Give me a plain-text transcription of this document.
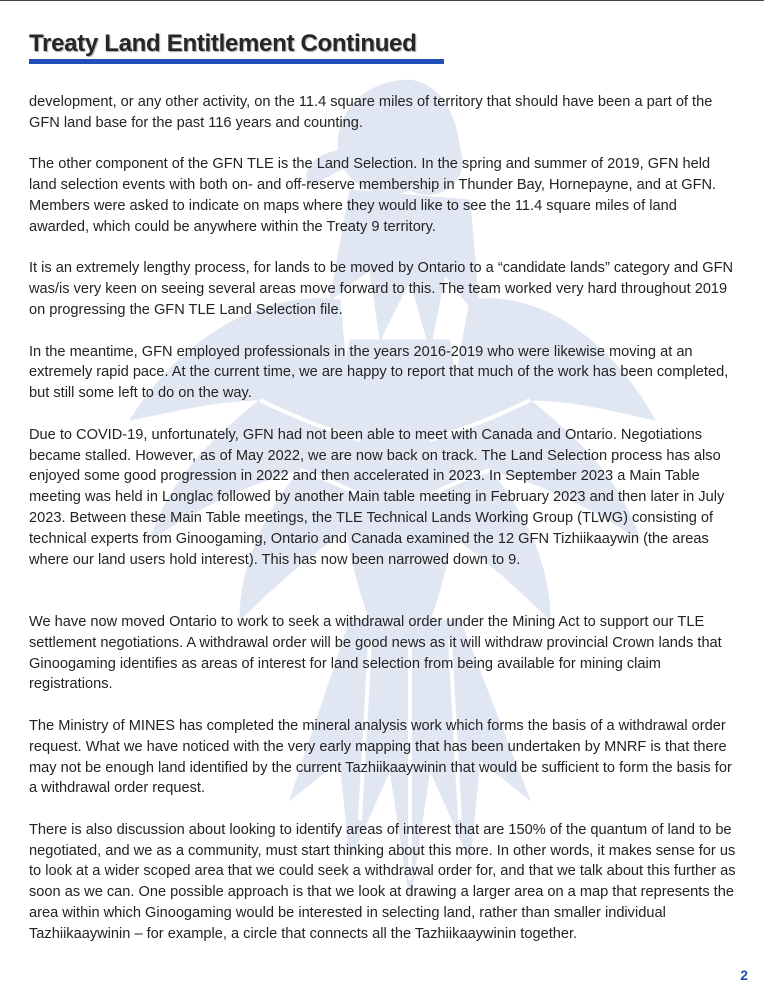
Treaty Land Entitlement Continued

development, or any other activity, on the 11.4 square miles of territory that should have been a part of the GFN land base for the past 116 years and counting.

The other component of the GFN TLE is the Land Selection. In the spring and summer of 2019, GFN held land selection events with both on- and off-reserve membership in Thunder Bay, Hornepayne, and at GFN. Members were asked to indicate on maps where they would like to see the 11.4 square miles of land awarded, which could be anywhere within the Treaty 9 territory.

It is an extremely lengthy process, for lands to be moved by Ontario to a “candidate lands” category and GFN was/is very keen on seeing several areas move forward to this. The team worked very hard throughout 2019 on progressing the GFN TLE Land Selection file.

In the meantime, GFN employed professionals in the years 2016-2019 who were likewise moving at an extremely rapid pace. At the current time, we are happy to report that much of the work has been completed, but still some left to do on the way.

Due to COVID-19, unfortunately, GFN had not been able to meet with Canada and Ontario. Negotiations became stalled. However, as of May 2022, we are now back on track. The Land Selection process has also enjoyed some good progression in 2022 and then accelerated in 2023. In September 2023 a Main Table meeting was held in Longlac followed by another Main table meeting in February 2023 and then later in July 2023. Between these Main Table meetings, the TLE Technical Lands Working Group (TLWG) consisting of technical experts from Ginoogaming, Ontario and Canada examined the 12 GFN Tizhiikaaywin (the areas where our land users hold interest). This has now been narrowed down to 9.

We have now moved Ontario to work to seek a withdrawal order under the Mining Act to support our TLE settlement negotiations. A withdrawal order will be good news as it will withdraw provincial Crown lands that Ginoogaming identifies as areas of interest for land selection from being available for mining claim registrations.

The Ministry of MINES has completed the mineral analysis work which forms the basis of a withdrawal order request. What we have noticed with the very early mapping that has been undertaken by MNRF is that there may not be enough land identified by the current Tazhiikaaywinin that would be sufficient to form the basis for a withdrawal order request.

There is also discussion about looking to identify areas of interest that are 150% of the quantum of land to be negotiated, and we as a community, must start thinking about this more. In other words, it makes sense for us to look at a wider scoped area that we could seek a withdrawal order for, and that we talk about this further as soon as we can. One possible approach is that we look at drawing a larger area on a map that represents the area within which Ginoogaming would be interested in selecting land, rather than smaller individual Tazhiikaaywinin – for example, a circle that connects all the Tazhiikaaywinin together.

2
